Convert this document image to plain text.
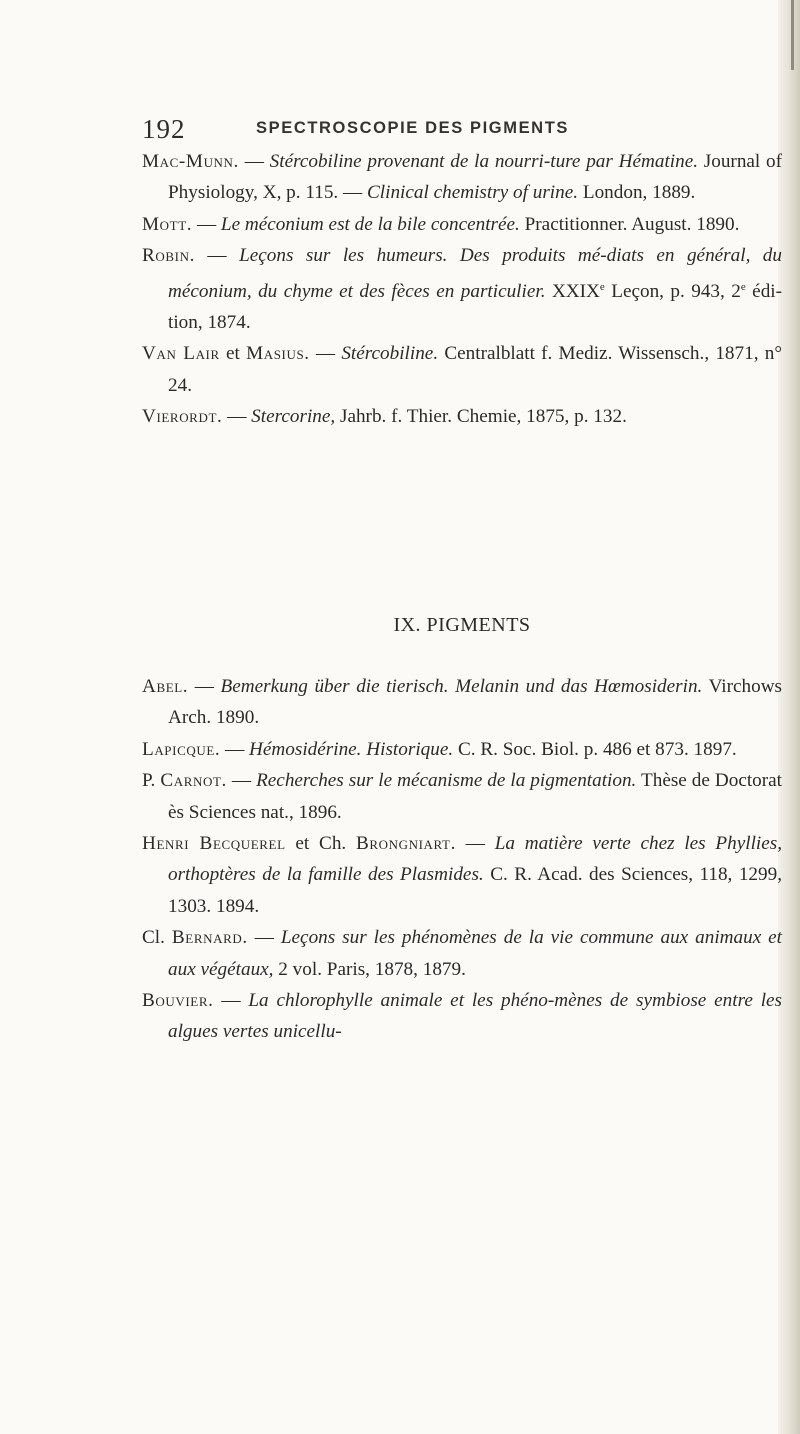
192	SPECTROSCOPIE DES PIGMENTS

Mac-Munn. — Stércobiline provenant de la nourri-ture par Hématine. Journal of Physiology, X, p. 115. — Clinical chemistry of urine. London, 1889.

Mott. — Le méconium est de la bile concentrée. Practitionner. August. 1890.

Robin. — Leçons sur les humeurs. Des produits mé-diats en général, du méconium, du chyme et des fèces en particulier. XXIXe Leçon, p. 943, 2e édi-tion, 1874.

Van Lair et Masius. — Stércobiline. Centralblatt f. Mediz. Wissensch., 1871, n° 24.

Vierordt. — Stercorine, Jahrb. f. Thier. Chemie, 1875, p. 132.

IX. PIGMENTS

Abel. — Bemerkung über die tierisch. Melanin und das Hœmosiderin. Virchows Arch. 1890.

Lapicque. — Hémosidérine. Historique. C. R. Soc. Biol. p. 486 et 873. 1897.

P. Carnot. — Recherches sur le mécanisme de la pigmentation. Thèse de Doctorat ès Sciences nat., 1896.

Henri Becquerel et Ch. Brongniart. — La matière verte chez les Phyllies, orthoptères de la famille des Plasmides. C. R. Acad. des Sciences, 118, 1299, 1303. 1894.

Cl. Bernard. — Leçons sur les phénomènes de la vie commune aux animaux et aux végétaux, 2 vol. Paris, 1878, 1879.

Bouvier. — La chlorophylle animale et les phéno-mènes de symbiose entre les algues vertes unicellu-
